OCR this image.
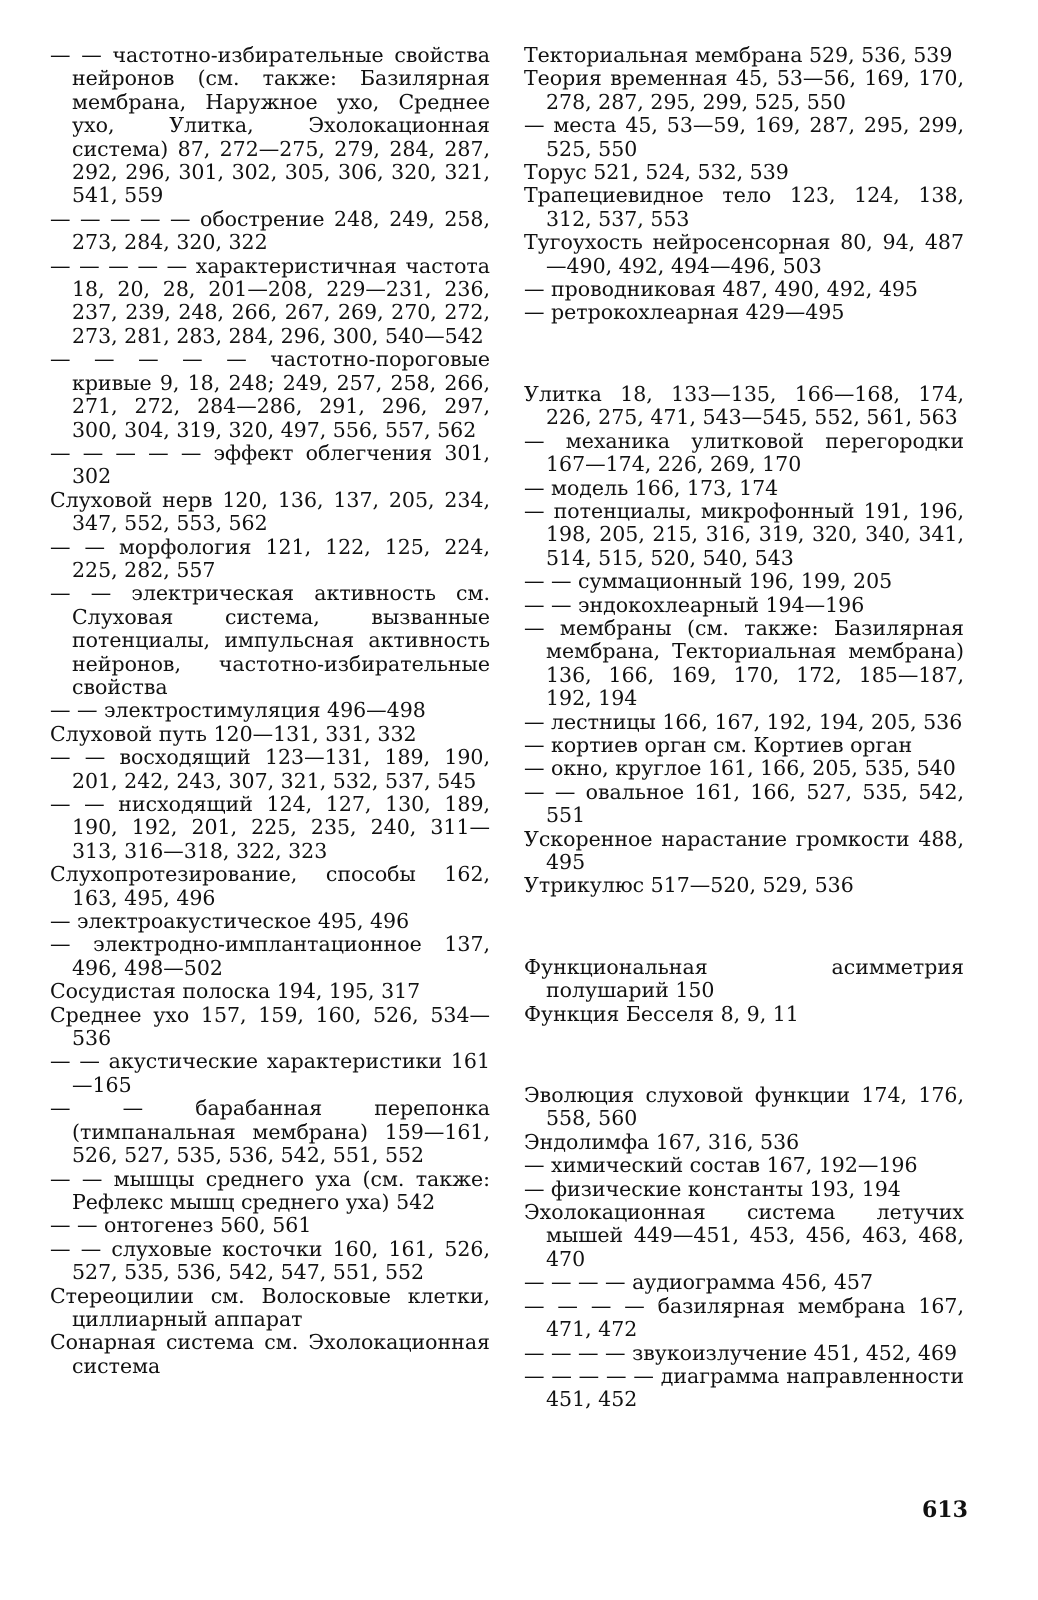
— — частотно-избирательные свойства нейронов (см. также: Базилярная мембрана, Наружное ухо, Среднее ухо, Улитка, Эхолокационная система) 87, 272—275, 279, 284, 287, 292, 296, 301, 302, 305, 306, 320, 321, 541, 559

— — — — — обострение 248, 249, 258, 273, 284, 320, 322

— — — — — характеристичная частота 18, 20, 28, 201—208, 229—231, 236, 237, 239, 248, 266, 267, 269, 270, 272, 273, 281, 283, 284, 296, 300, 540—542

— — — — — частотно-пороговые кривые 9, 18, 248; 249, 257, 258, 266, 271, 272, 284—286, 291, 296, 297, 300, 304, 319, 320, 497, 556, 557, 562

— — — — — эффект облегчения 301, 302

Слуховой нерв 120, 136, 137, 205, 234, 347, 552, 553, 562

— — морфология 121, 122, 125, 224, 225, 282, 557

— — электрическая активность см. Слуховая система, вызванные потенциалы, импульсная активность нейронов, частотно-избирательные свойства

— — электростимуляция 496—498

Слуховой путь 120—131, 331, 332

— — восходящий 123—131, 189, 190, 201, 242, 243, 307, 321, 532, 537, 545

— — нисходящий 124, 127, 130, 189, 190, 192, 201, 225, 235, 240, 311—313, 316—318, 322, 323

Слухопротезирование, способы 162, 163, 495, 496

— электроакустическое 495, 496

— электродно-имплантационное 137, 496, 498—502

Сосудистая полоска 194, 195, 317

Среднее ухо 157, 159, 160, 526, 534—536

— — акустические характеристики 161—165

— — барабанная перепонка (тимпанальная мембрана) 159—161, 526, 527, 535, 536, 542, 551, 552

— — мышцы среднего уха (см. также: Рефлекс мышц среднего уха) 542

— — онтогенез 560, 561

— — слуховые косточки 160, 161, 526, 527, 535, 536, 542, 547, 551, 552

Стереоцилии см. Волосковые клетки, циллиарный аппарат

Сонарная система см. Эхолокационная система

Текториальная мембрана 529, 536, 539

Теория временная 45, 53—56, 169, 170, 278, 287, 295, 299, 525, 550

— места 45, 53—59, 169, 287, 295, 299, 525, 550

Торус 521, 524, 532, 539

Трапециевидное тело 123, 124, 138, 312, 537, 553

Тугоухость нейросенсорная 80, 94, 487—490, 492, 494—496, 503

— проводниковая 487, 490, 492, 495

— ретрокохлеарная 429—495

Улитка 18, 133—135, 166—168, 174, 226, 275, 471, 543—545, 552, 561, 563

— механика улитковой перегородки 167—174, 226, 269, 170

— модель 166, 173, 174

— потенциалы, микрофонный 191, 196, 198, 205, 215, 316, 319, 320, 340, 341, 514, 515, 520, 540, 543

— — суммационный 196, 199, 205

— — эндокохлеарный 194—196

— мембраны (см. также: Базилярная мембрана, Текториальная мембрана) 136, 166, 169, 170, 172, 185—187, 192, 194

— лестницы 166, 167, 192, 194, 205, 536

— кортиев орган см. Кортиев орган

— окно, круглое 161, 166, 205, 535, 540

— — овальное 161, 166, 527, 535, 542, 551

Ускоренное нарастание громкости 488, 495

Утрикулюс 517—520, 529, 536

Функциональная асимметрия полушарий 150

Функция Бесселя 8, 9, 11

Эволюция слуховой функции 174, 176, 558, 560

Эндолимфа 167, 316, 536

— химический состав 167, 192—196

— физические константы 193, 194

Эхолокационная система летучих мышей 449—451, 453, 456, 463, 468, 470

— — — — аудиограмма 456, 457

— — — — базилярная мембрана 167, 471, 472

— — — — звукоизлучение 451, 452, 469

— — — — — диаграмма направленности 451, 452

613
